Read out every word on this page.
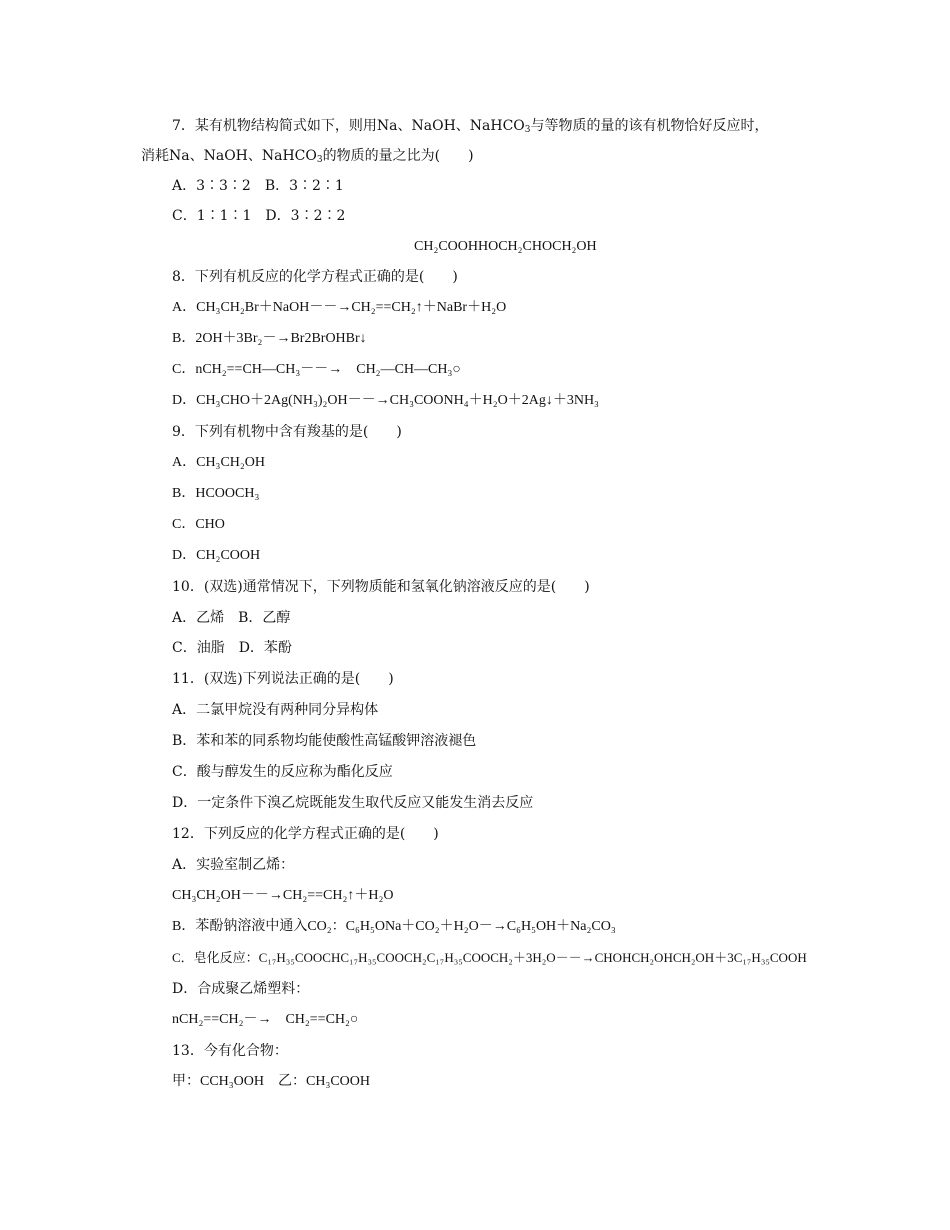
7．某有机物结构简式如下，则用Na、NaOH、NaHCO$_3$与等物质的量的该有机物恰好反应时，
消耗Na、NaOH、NaHCO$_3$的物质的量之比为(　　)
A．3∶3∶2　B．3∶2∶1
C．1∶1∶1　D．3∶2∶2
CH₂COOHHOCH₂CHOCH₂OH
8．下列有机反应的化学方程式正确的是(　　)
A．CH₃CH₂Br＋NaOH－－→CH₂==CH₂↑＋NaBr＋H₂O
B．2OH＋3Br₂－→Br2BrOHBr↓
C．nCH₂==CH—CH₃－－→　CH₂—CH—CH₃○
D．CH₃CHO＋2Ag(NH₃)₂OH－－→CH₃COONH₄＋H₂O＋2Ag↓＋3NH₃
9．下列有机物中含有羧基的是(　　)
A．CH₃CH₂OH
B．HCOOCH₃
C．CHO
D．CH₂COOH
10．(双选)通常情况下，下列物质能和氢氧化钠溶液反应的是(　　)
A．乙烯　B．乙醇
C．油脂　D．苯酚
11．(双选)下列说法正确的是(　　)
A．二氯甲烷没有两种同分异构体
B．苯和苯的同系物均能使酸性高锰酸钾溶液褪色
C．酸与醇发生的反应称为酯化反应
D．一定条件下溴乙烷既能发生取代反应又能发生消去反应
12．下列反应的化学方程式正确的是(　　)
A．实验室制乙烯：
CH₃CH₂OH－－→CH₂==CH₂↑＋H₂O
B．苯酚钠溶液中通入CO₂：C₆H₅ONa＋CO₂＋H₂O－→C₆H₅OH＋Na₂CO₃
C．皂化反应：C₁₇H₃₅COOCHC₁₇H₃₅COOCH₂C₁₇H₃₅COOCH₂＋3H₂O－－→CHOHCH₂OHCH₂OH＋3C₁₇H₃₅COOH
D．合成聚乙烯塑料：
nCH₂==CH₂－→　CH₂==CH₂○
13．今有化合物：
甲：CCH₃OOH　乙：CH₃COOH
